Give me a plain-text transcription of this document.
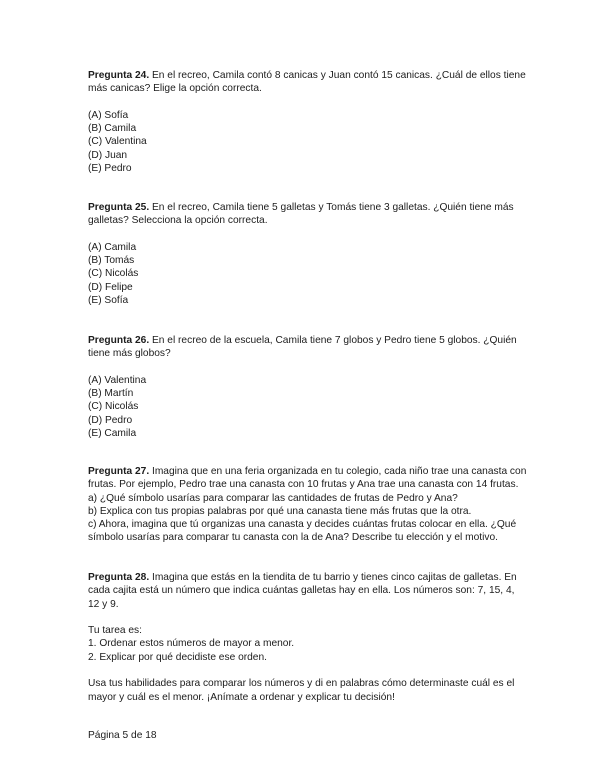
Pregunta 24. En el recreo, Camila contó 8 canicas y Juan contó 15 canicas. ¿Cuál de ellos tiene más canicas? Elige la opción correcta.

(A) Sofía

(B) Camila

(C) Valentina

(D) Juan

(E) Pedro

Pregunta 25. En el recreo, Camila tiene 5 galletas y Tomás tiene 3 galletas. ¿Quién tiene más galletas? Selecciona la opción correcta.

(A) Camila

(B) Tomás

(C) Nicolás

(D) Felipe

(E) Sofía

Pregunta 26. En el recreo de la escuela, Camila tiene 7 globos y Pedro tiene 5 globos. ¿Quién tiene más globos?

(A) Valentina

(B) Martín

(C) Nicolás

(D) Pedro

(E) Camila

Pregunta 27. Imagina que en una feria organizada en tu colegio, cada niño trae una canasta con frutas. Por ejemplo, Pedro trae una canasta con 10 frutas y Ana trae una canasta con 14 frutas.

a) ¿Qué símbolo usarías para comparar las cantidades de frutas de Pedro y Ana?

b) Explica con tus propias palabras por qué una canasta tiene más frutas que la otra.

c) Ahora, imagina que tú organizas una canasta y decides cuántas frutas colocar en ella. ¿Qué símbolo usarías para comparar tu canasta con la de Ana? Describe tu elección y el motivo.

Pregunta 28. Imagina que estás en la tiendita de tu barrio y tienes cinco cajitas de galletas. En cada cajita está un número que indica cuántas galletas hay en ella. Los números son: 7, 15, 4, 12 y 9.

Tu tarea es:

1. Ordenar estos números de mayor a menor.

2. Explicar por qué decidiste ese orden.

Usa tus habilidades para comparar los números y di en palabras cómo determinaste cuál es el mayor y cuál es el menor. ¡Anímate a ordenar y explicar tu decisión!

Página 5 de 18
